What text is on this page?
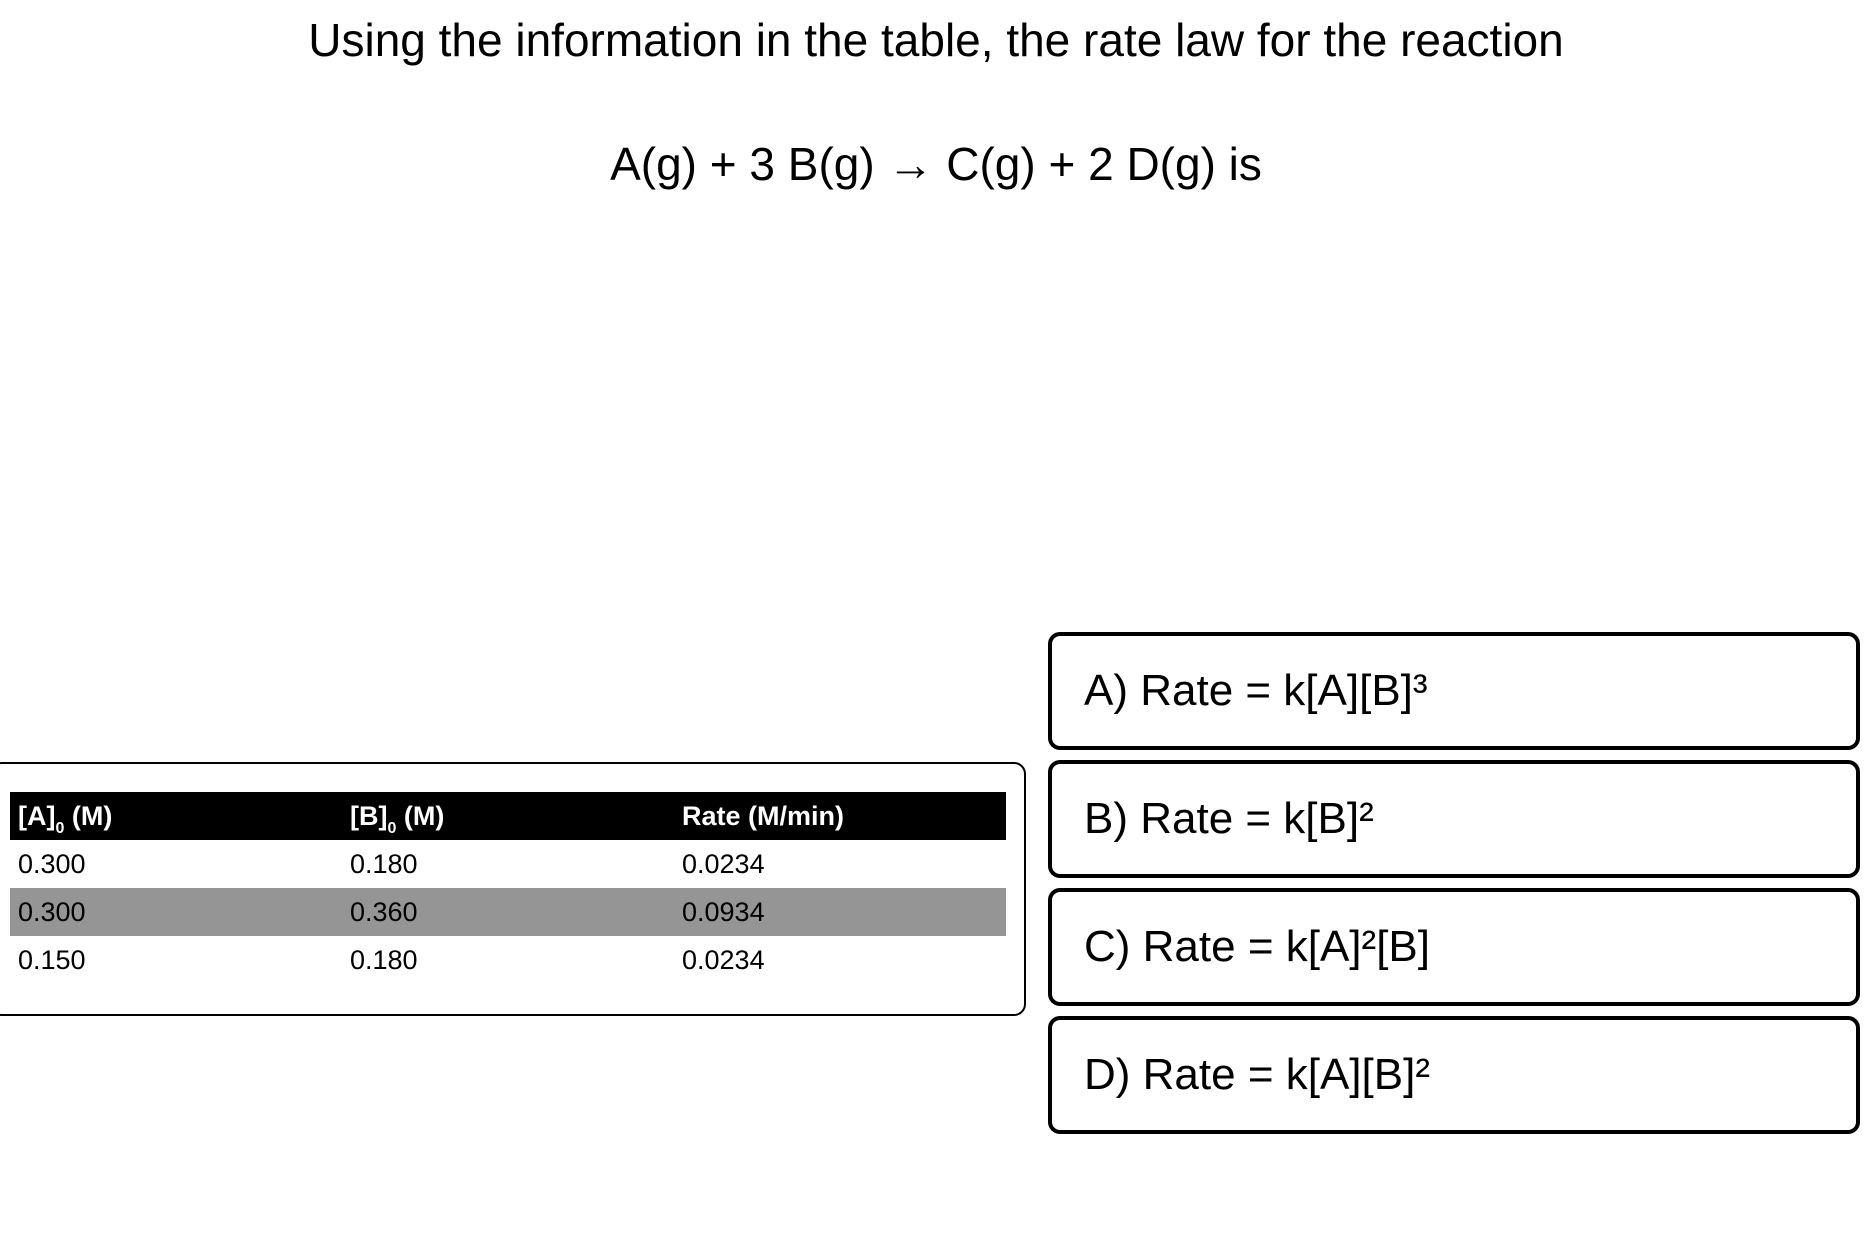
Using the information in the table, the rate law for the reaction
A(g) + 3 B(g) → C(g) + 2 D(g) is
$[A]_0$ (M)	$[B]_0$ (M)	Rate (M/min)
0.300	0.180	0.0234
0.300	0.360	0.0934
0.150	0.180	0.0234
A) Rate = k[A][B]³
B) Rate = k[B]²
C) Rate = k[A]²[B]
D) Rate = k[A][B]²
